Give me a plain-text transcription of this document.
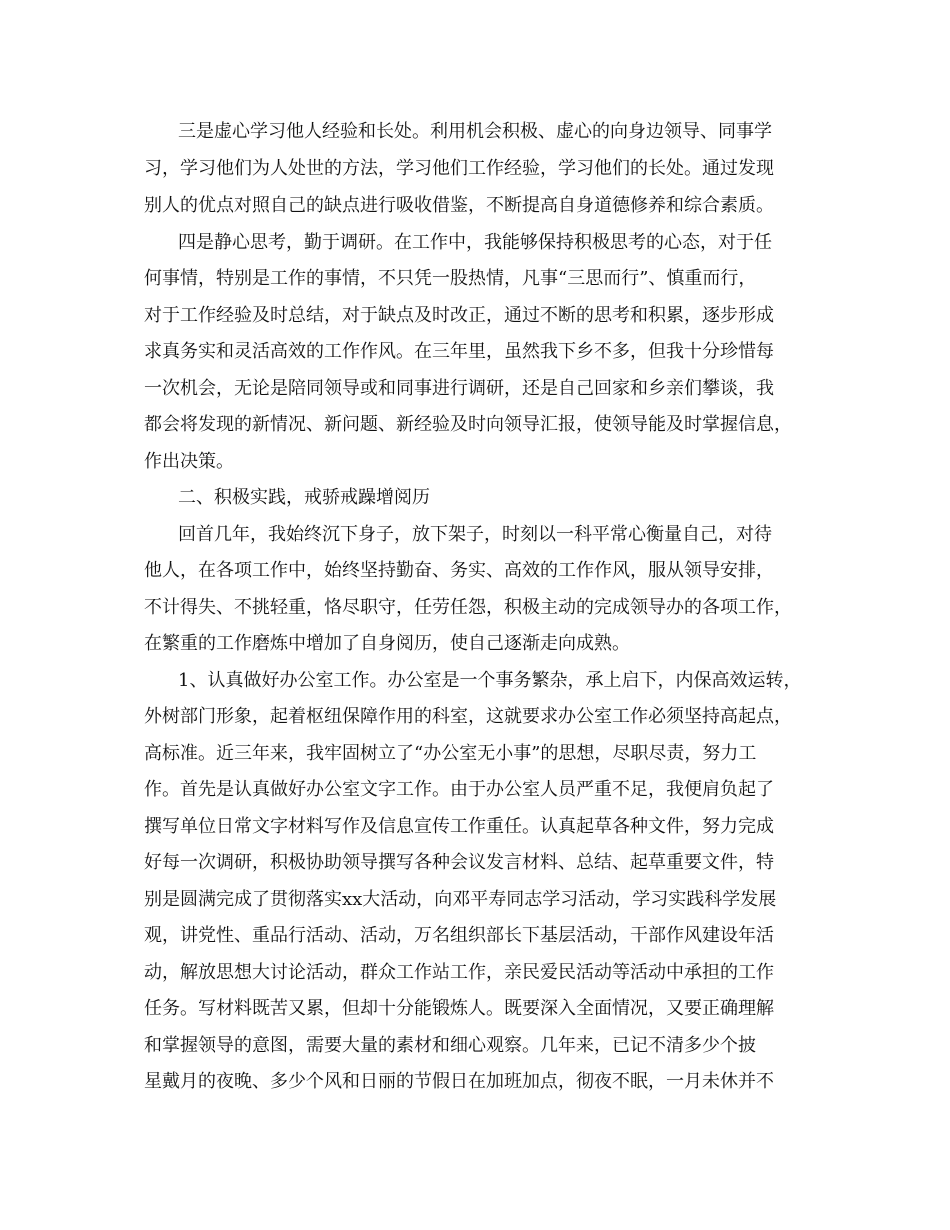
三是虚心学习他人经验和长处。利用机会积极、虚心的向身边领导、同事学

习，学习他们为人处世的方法，学习他们工作经验，学习他们的长处。通过发现

别人的优点对照自己的缺点进行吸收借鉴，不断提高自身道德修养和综合素质。

四是静心思考，勤于调研。在工作中，我能够保持积极思考的心态，对于任

何事情，特别是工作的事情，不只凭一股热情，凡事“三思而行”、慎重而行，

对于工作经验及时总结，对于缺点及时改正，通过不断的思考和积累，逐步形成

求真务实和灵活高效的工作作风。在三年里，虽然我下乡不多，但我十分珍惜每

一次机会，无论是陪同领导或和同事进行调研，还是自己回家和乡亲们攀谈，我

都会将发现的新情况、新问题、新经验及时向领导汇报，使领导能及时掌握信息，

作出决策。

二、积极实践，戒骄戒躁增阅历

回首几年，我始终沉下身子，放下架子，时刻以一科平常心衡量自己，对待

他人，在各项工作中，始终坚持勤奋、务实、高效的工作作风，服从领导安排，

不计得失、不挑轻重，恪尽职守，任劳任怨，积极主动的完成领导办的各项工作，

在繁重的工作磨炼中增加了自身阅历，使自己逐渐走向成熟。

1、认真做好办公室工作。办公室是一个事务繁杂，承上启下，内保高效运转，

外树部门形象，起着枢纽保障作用的科室，这就要求办公室工作必须坚持高起点，

高标准。近三年来，我牢固树立了“办公室无小事”的思想，尽职尽责，努力工

作。首先是认真做好办公室文字工作。由于办公室人员严重不足，我便肩负起了

撰写单位日常文字材料写作及信息宣传工作重任。认真起草各种文件，努力完成

好每一次调研，积极协助领导撰写各种会议发言材料、总结、起草重要文件，特

别是圆满完成了贯彻落实xx大活动，向邓平寿同志学习活动，学习实践科学发展

观，讲党性、重品行活动、活动，万名组织部长下基层活动，干部作风建设年活

动，解放思想大讨论活动，群众工作站工作，亲民爱民活动等活动中承担的工作

任务。写材料既苦又累，但却十分能锻炼人。既要深入全面情况，又要正确理解

和掌握领导的意图，需要大量的素材和细心观察。几年来，已记不清多少个披

星戴月的夜晚、多少个风和日丽的节假日在加班加点，彻夜不眠，一月未休并不
